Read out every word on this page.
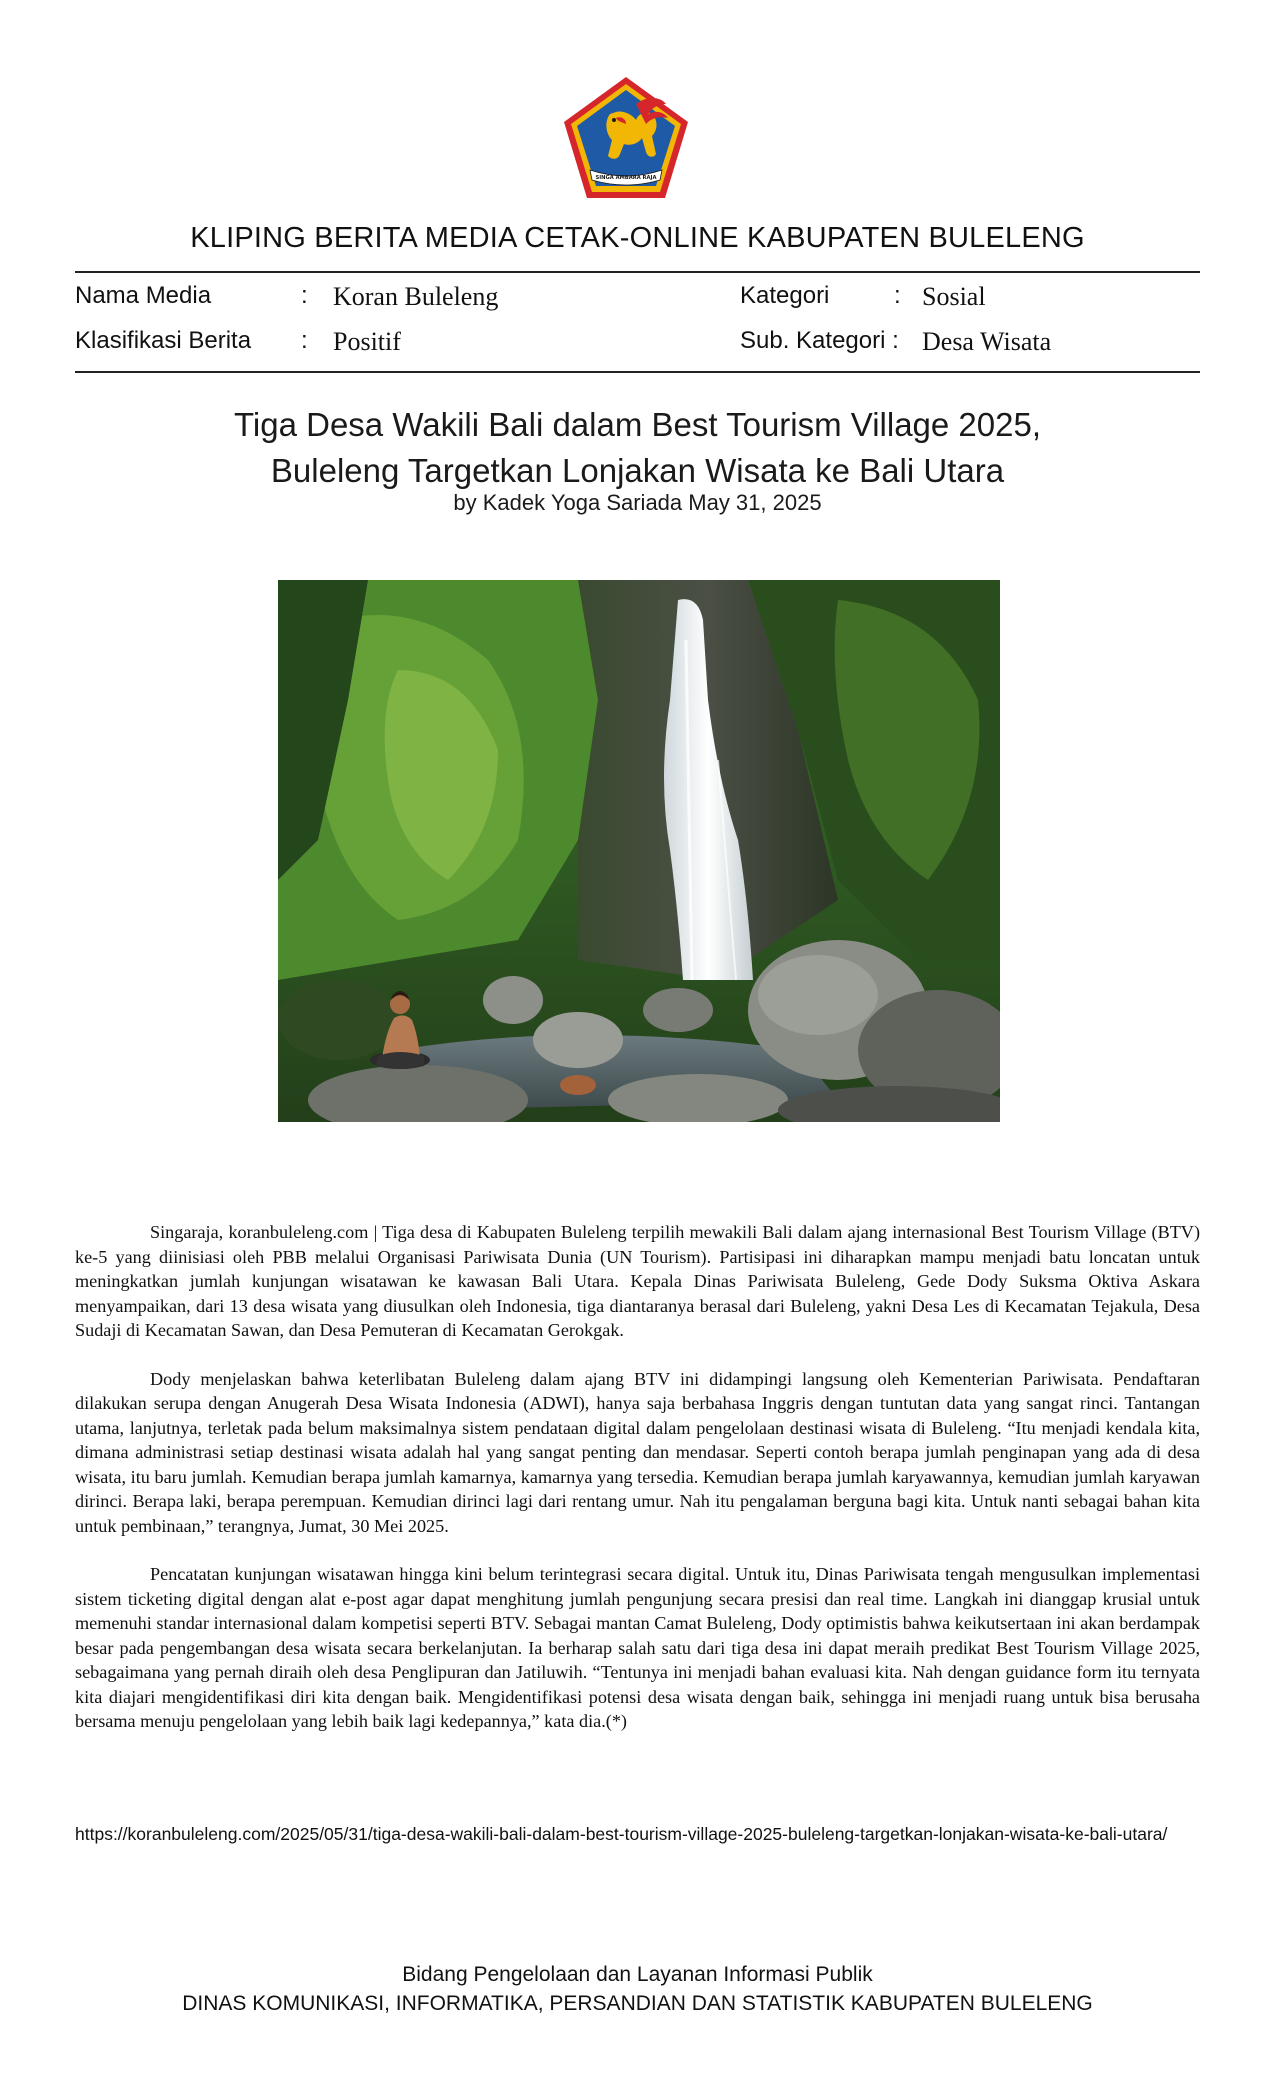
SINGA AMBARA RAJA
KLIPING BERITA MEDIA CETAK-ONLINE KABUPATEN BULELENG
Nama Media	: Koran Buleleng
Klasifikasi Berita : Positif
Kategori	: Sosial
Sub. Kategori : Desa Wisata
Tiga Desa Wakili Bali dalam Best Tourism Village 2025,
Buleleng Targetkan Lonjakan Wisata ke Bali Utara
by Kadek Yoga Sariada May 31, 2025

Singaraja, koranbuleleng.com | Tiga desa di Kabupaten Buleleng terpilih mewakili Bali dalam ajang internasional Best Tourism Village (BTV) ke-5 yang diinisiasi oleh PBB melalui Organisasi Pariwisata Dunia (UN Tourism). Partisipasi ini diharapkan mampu menjadi batu loncatan untuk meningkatkan jumlah kunjungan wisatawan ke kawasan Bali Utara. Kepala Dinas Pariwisata Buleleng, Gede Dody Suksma Oktiva Askara menyampaikan, dari 13 desa wisata yang diusulkan oleh Indonesia, tiga diantaranya berasal dari Buleleng, yakni Desa Les di Kecamatan Tejakula, Desa Sudaji di Kecamatan Sawan, dan Desa Pemuteran di Kecamatan Gerokgak.

Dody menjelaskan bahwa keterlibatan Buleleng dalam ajang BTV ini didampingi langsung oleh Kementerian Pariwisata. Pendaftaran dilakukan serupa dengan Anugerah Desa Wisata Indonesia (ADWI), hanya saja berbahasa Inggris dengan tuntutan data yang sangat rinci. Tantangan utama, lanjutnya, terletak pada belum maksimalnya sistem pendataan digital dalam pengelolaan destinasi wisata di Buleleng. “Itu menjadi kendala kita, dimana administrasi setiap destinasi wisata adalah hal yang sangat penting dan mendasar. Seperti contoh berapa jumlah penginapan yang ada di desa wisata, itu baru jumlah. Kemudian berapa jumlah kamarnya, kamarnya yang tersedia. Kemudian berapa jumlah karyawannya, kemudian jumlah karyawan dirinci. Berapa laki, berapa perempuan. Kemudian dirinci lagi dari rentang umur. Nah itu pengalaman berguna bagi kita. Untuk nanti sebagai bahan kita untuk pembinaan,” terangnya, Jumat, 30 Mei 2025.

Pencatatan kunjungan wisatawan hingga kini belum terintegrasi secara digital. Untuk itu, Dinas Pariwisata tengah mengusulkan implementasi sistem ticketing digital dengan alat e-post agar dapat menghitung jumlah pengunjung secara presisi dan real time. Langkah ini dianggap krusial untuk memenuhi standar internasional dalam kompetisi seperti BTV. Sebagai mantan Camat Buleleng, Dody optimistis bahwa keikutsertaan ini akan berdampak besar pada pengembangan desa wisata secara berkelanjutan. Ia berharap salah satu dari tiga desa ini dapat meraih predikat Best Tourism Village 2025, sebagaimana yang pernah diraih oleh desa Penglipuran dan Jatiluwih. “Tentunya ini menjadi bahan evaluasi kita. Nah dengan guidance form itu ternyata kita diajari mengidentifikasi diri kita dengan baik. Mengidentifikasi potensi desa wisata dengan baik, sehingga ini menjadi ruang untuk bisa berusaha bersama menuju pengelolaan yang lebih baik lagi kedepannya,” kata dia.(*)

https://koranbuleleng.com/2025/05/31/tiga-desa-wakili-bali-dalam-best-tourism-village-2025-buleleng-targetkan-lonjakan-wisata-ke-bali-utara/
Bidang Pengelolaan dan Layanan Informasi Publik
DINAS KOMUNIKASI, INFORMATIKA, PERSANDIAN DAN STATISTIK KABUPATEN BULELENG
